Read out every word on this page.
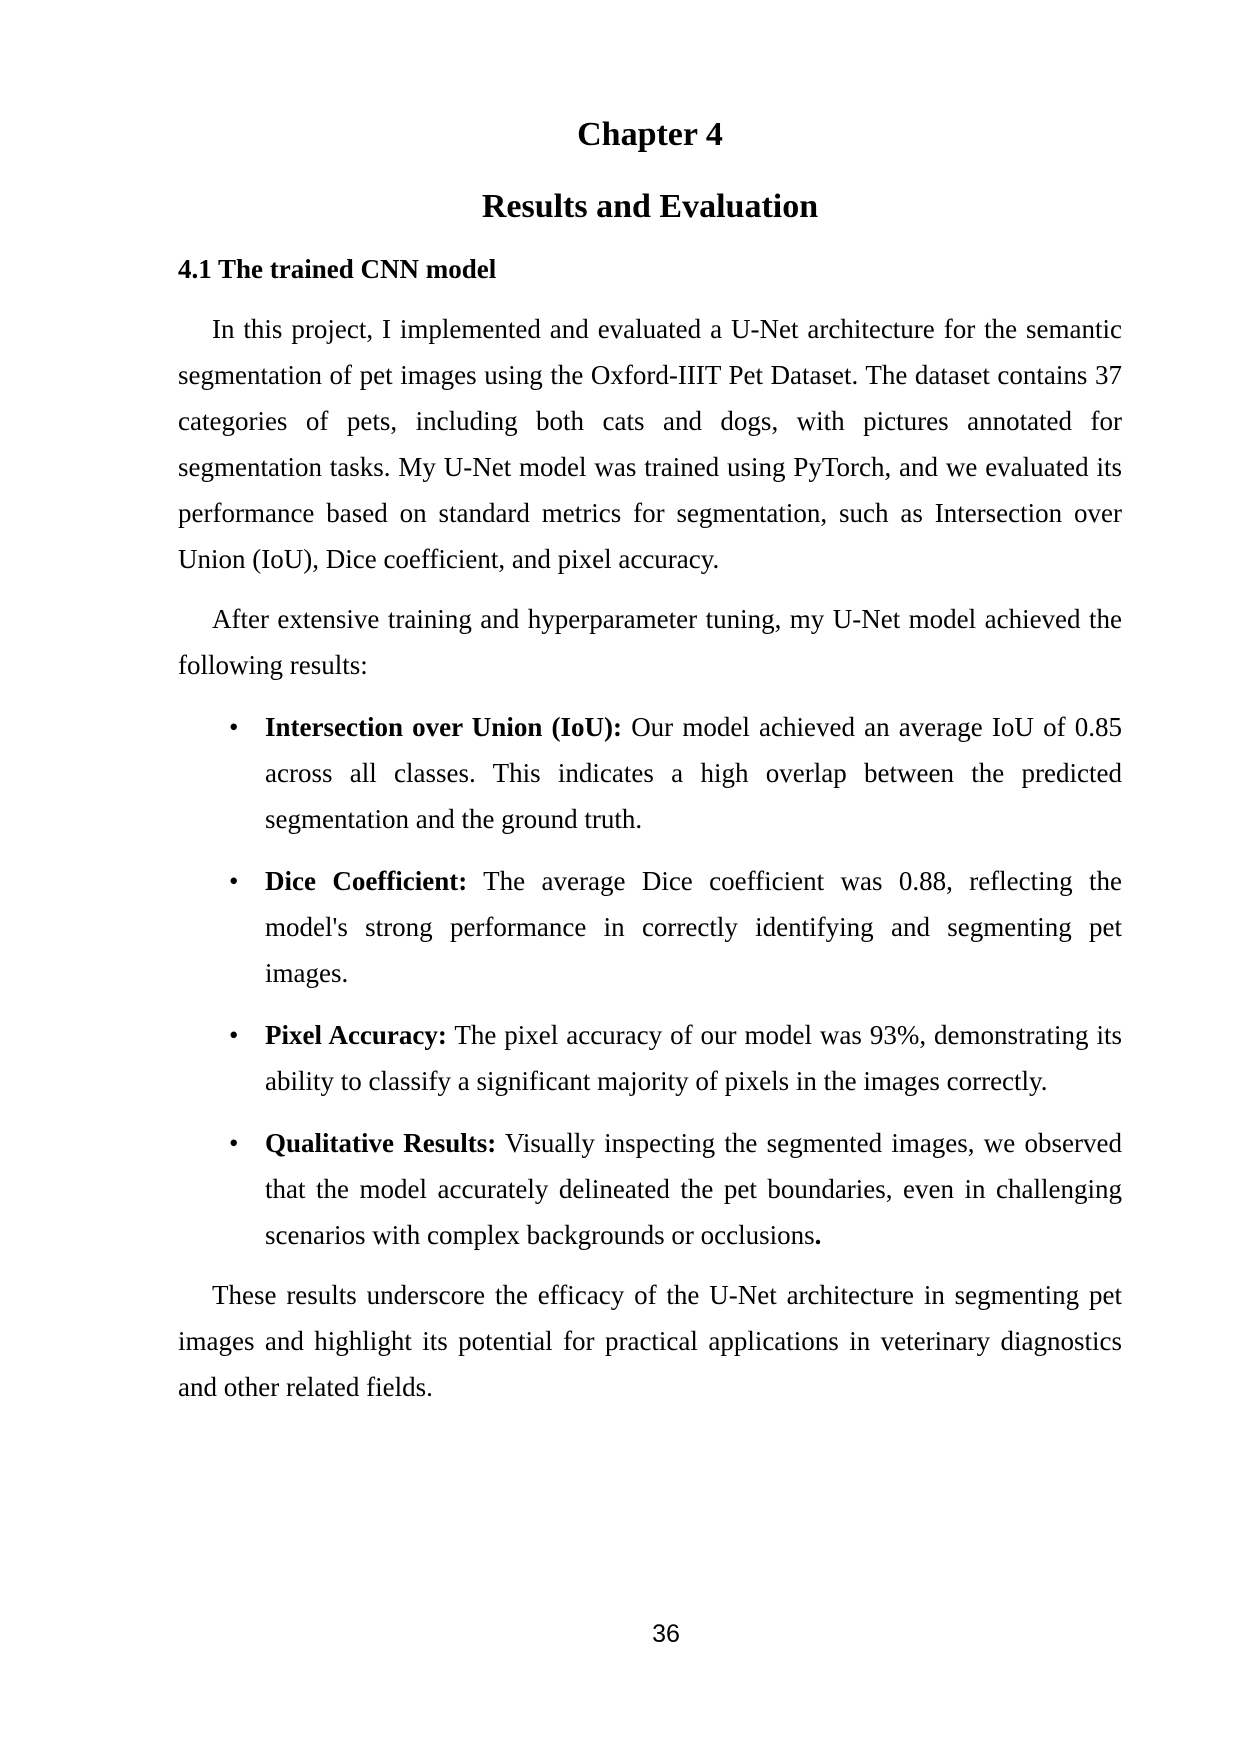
Chapter 4
Results and Evaluation
4.1 The trained CNN model

In this project, I implemented and evaluated a U-Net architecture for the semantic segmentation of pet images using the Oxford-IIIT Pet Dataset. The dataset contains 37 categories of pets, including both cats and dogs, with pictures annotated for segmentation tasks. My U-Net model was trained using PyTorch, and we evaluated its performance based on standard metrics for segmentation, such as Intersection over Union (IoU), Dice coefficient, and pixel accuracy.

After extensive training and hyperparameter tuning, my U-Net model achieved the following results:

• Intersection over Union (IoU): Our model achieved an average IoU of 0.85 across all classes. This indicates a high overlap between the predicted segmentation and the ground truth.
• Dice Coefficient: The average Dice coefficient was 0.88, reflecting the model's strong performance in correctly identifying and segmenting pet images.
• Pixel Accuracy: The pixel accuracy of our model was 93%, demonstrating its ability to classify a significant majority of pixels in the images correctly.
• Qualitative Results: Visually inspecting the segmented images, we observed that the model accurately delineated the pet boundaries, even in challenging scenarios with complex backgrounds or occlusions.

These results underscore the efficacy of the U-Net architecture in segmenting pet images and highlight its potential for practical applications in veterinary diagnostics and other related fields.

36
